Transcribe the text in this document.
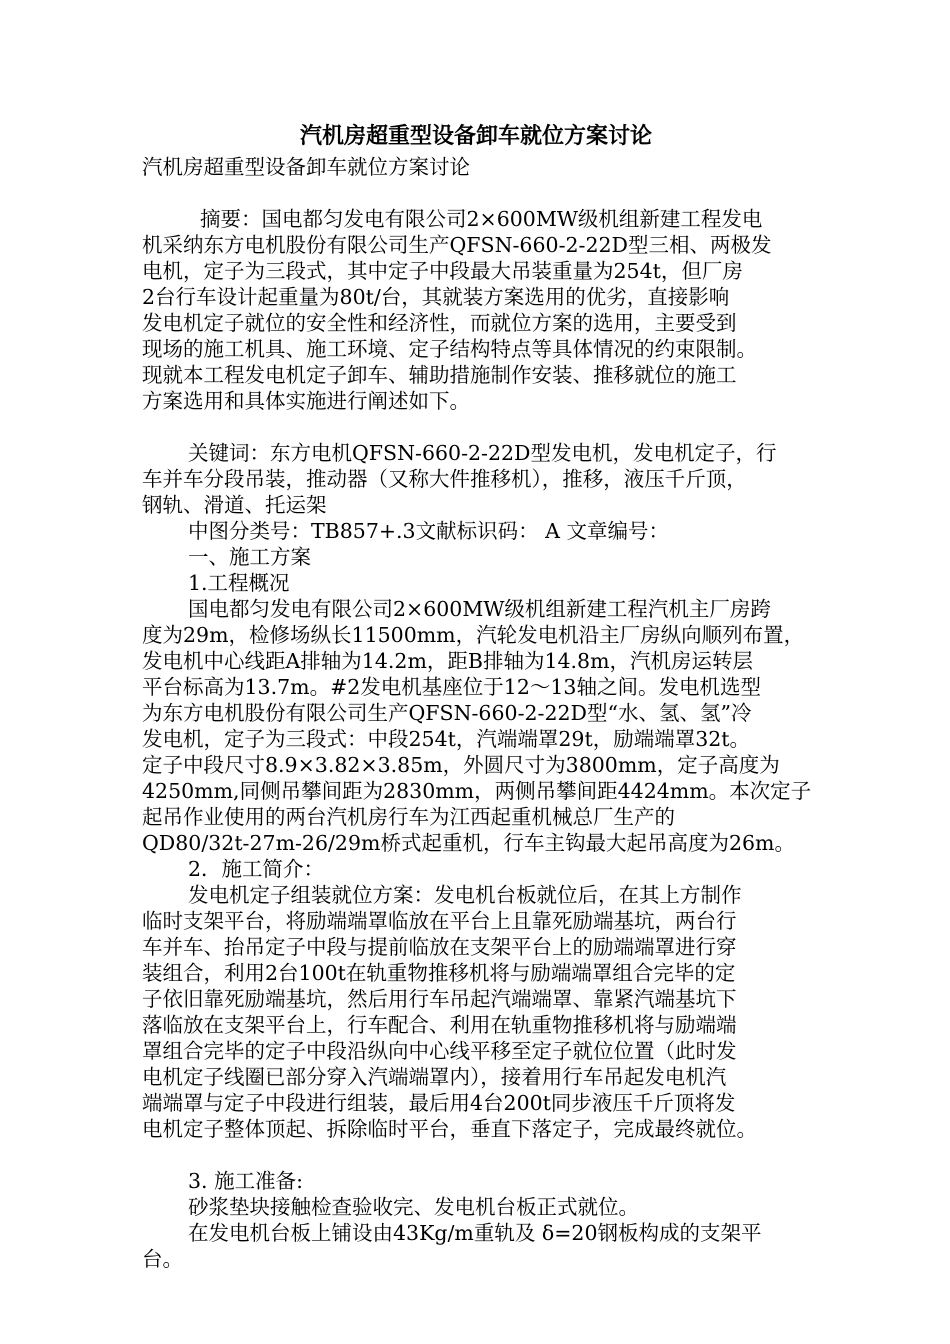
汽机房超重型设备卸车就位方案讨论
汽机房超重型设备卸车就位方案讨论
摘要：国电都匀发电有限公司2×600MW级机组新建工程发电
机采纳东方电机股份有限公司生产QFSN-660-2-22D型三相、两极发
电机，定子为三段式，其中定子中段最大吊装重量为254t，但厂房
2台行车设计起重量为80t/台，其就装方案选用的优劣，直接影响
发电机定子就位的安全性和经济性，而就位方案的选用，主要受到
现场的施工机具、施工环境、定子结构特点等具体情况的约束限制。
现就本工程发电机定子卸车、辅助措施制作安装、推移就位的施工
方案选用和具体实施进行阐述如下。
关键词：东方电机QFSN-660-2-22D型发电机，发电机定子，行
车并车分段吊装，推动器（又称大件推移机），推移，液压千斤顶，
钢轨、滑道、托运架
中图分类号：TB857+.3文献标识码： A 文章编号：
一、施工方案
1.工程概况
国电都匀发电有限公司2×600MW级机组新建工程汽机主厂房跨
度为29m，检修场纵长11500mm，汽轮发电机沿主厂房纵向顺列布置，
发电机中心线距A排轴为14.2m，距B排轴为14.8m，汽机房运转层
平台标高为13.7m。#2发电机基座位于12～13轴之间。发电机选型
为东方电机股份有限公司生产QFSN-660-2-22D型“水、氢、氢”冷
发电机，定子为三段式：中段254t，汽端端罩29t，励端端罩32t。
定子中段尺寸8.9×3.82×3.85m，外圆尺寸为3800mm，定子高度为
4250mm,同侧吊攀间距为2830mm，两侧吊攀间距4424mm。本次定子
起吊作业使用的两台汽机房行车为江西起重机械总厂生产的
QD80/32t-27m-26/29m桥式起重机，行车主钩最大起吊高度为26m。
2．施工简介：
发电机定子组装就位方案：发电机台板就位后，在其上方制作
临时支架平台，将励端端罩临放在平台上且靠死励端基坑，两台行
车并车、抬吊定子中段与提前临放在支架平台上的励端端罩进行穿
装组合，利用2台100t在轨重物推移机将与励端端罩组合完毕的定
子依旧靠死励端基坑，然后用行车吊起汽端端罩、靠紧汽端基坑下
落临放在支架平台上，行车配合、利用在轨重物推移机将与励端端
罩组合完毕的定子中段沿纵向中心线平移至定子就位位置（此时发
电机定子线圈已部分穿入汽端端罩内），接着用行车吊起发电机汽
端端罩与定子中段进行组装，最后用4台200t同步液压千斤顶将发
电机定子整体顶起、拆除临时平台，垂直下落定子，完成最终就位。
3. 施工准备:
砂浆垫块接触检查验收完、发电机台板正式就位。
在发电机台板上铺设由43Kg/m重轨及 δ=20钢板构成的支架平
台。
